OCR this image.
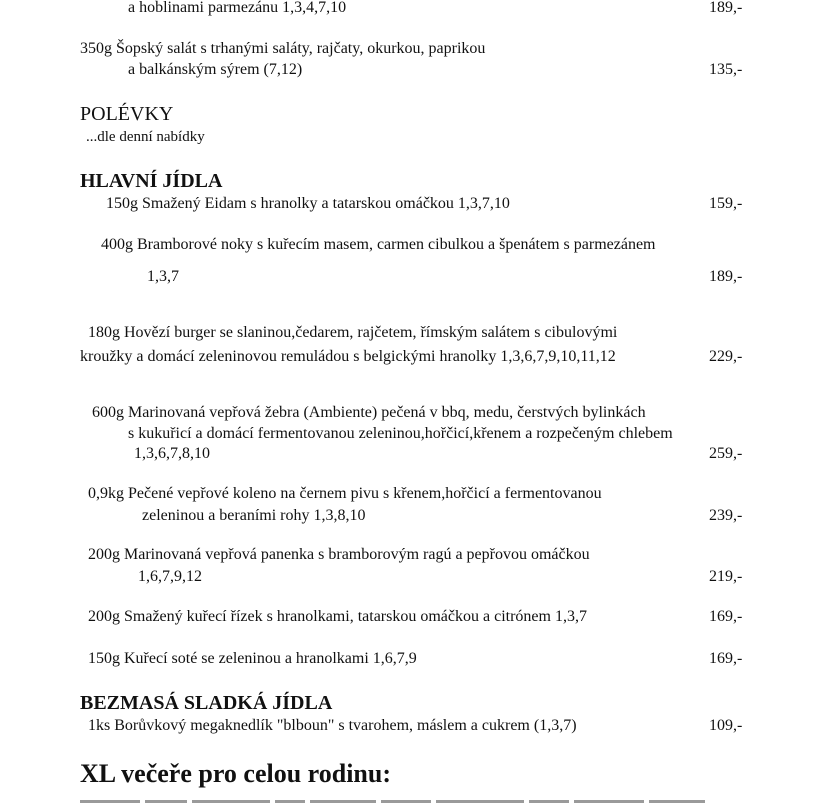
a hoblinami parmezánu 1,3,4,7,10	189,-
350g Šopský salát s trhanými saláty, rajčaty, okurkou, paprikou
a balkánským sýrem (7,12)	135,-
POLÉVKY
...dle denní nabídky
HLAVNÍ JÍDLA
150g Smažený Eidam s hranolky a tatarskou omáčkou 1,3,7,10	159,-
400g Bramborové noky s kuřecím masem, carmen cibulkou a špenátem s parmezánem
1,3,7	189,-
180g Hovězí burger se slaninou,čedarem, rajčetem, římským salátem s cibulovými
kroužky a domácí zeleninovou remuládou s belgickými hranolky 1,3,6,7,9,10,11,12	229,-
600g Marinovaná vepřová žebra (Ambiente) pečená v bbq, medu, čerstvých bylinkách
s kukuřicí a domácí fermentovanou zeleninou,hořčicí,křenem a rozpečeným chlebem
1,3,6,7,8,10	259,-
0,9kg Pečené vepřové koleno na černem pivu s křenem,hořčicí a fermentovanou
zeleninou a beraními rohy 1,3,8,10	239,-
200g Marinovaná vepřová panenka s bramborovým ragú a pepřovou omáčkou
1,6,7,9,12	219,-
200g Smažený kuřecí řízek s hranolkami, tatarskou omáčkou a citrónem 1,3,7	169,-
150g Kuřecí soté se zeleninou a hranolkami 1,6,7,9	169,-
BEZMASÁ SLADKÁ JÍDLA
1ks Borůvkový megaknedlík "blboun" s tvarohem, máslem a cukrem (1,3,7)	109,-
XL večeře pro celou rodinu:
